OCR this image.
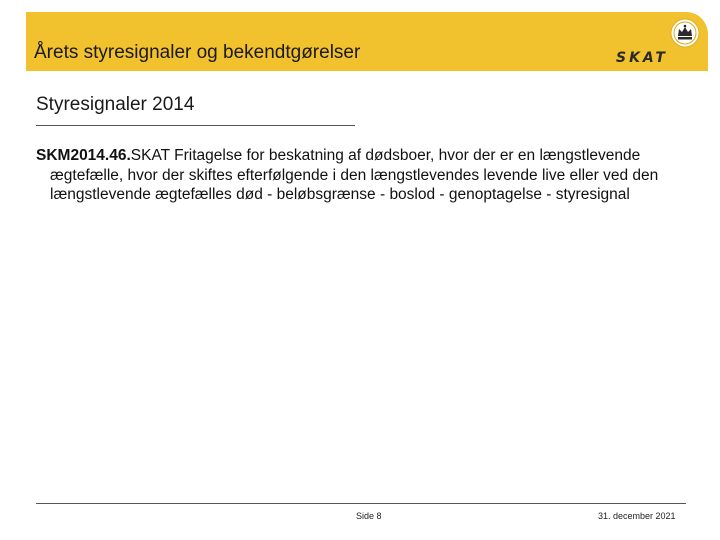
Årets styresignaler og bekendtgørelser	SKAT
Styresignaler 2014
SKM2014.46.SKAT Fritagelse for beskatning af dødsboer, hvor der er en længstlevende ægtefælle, hvor der skiftes efterfølgende i den længstlevendes levende live eller ved den længstlevende ægtefælles død - beløbsgrænse - boslod - genoptagelse - styresignal
Side 8	31. december 2021
